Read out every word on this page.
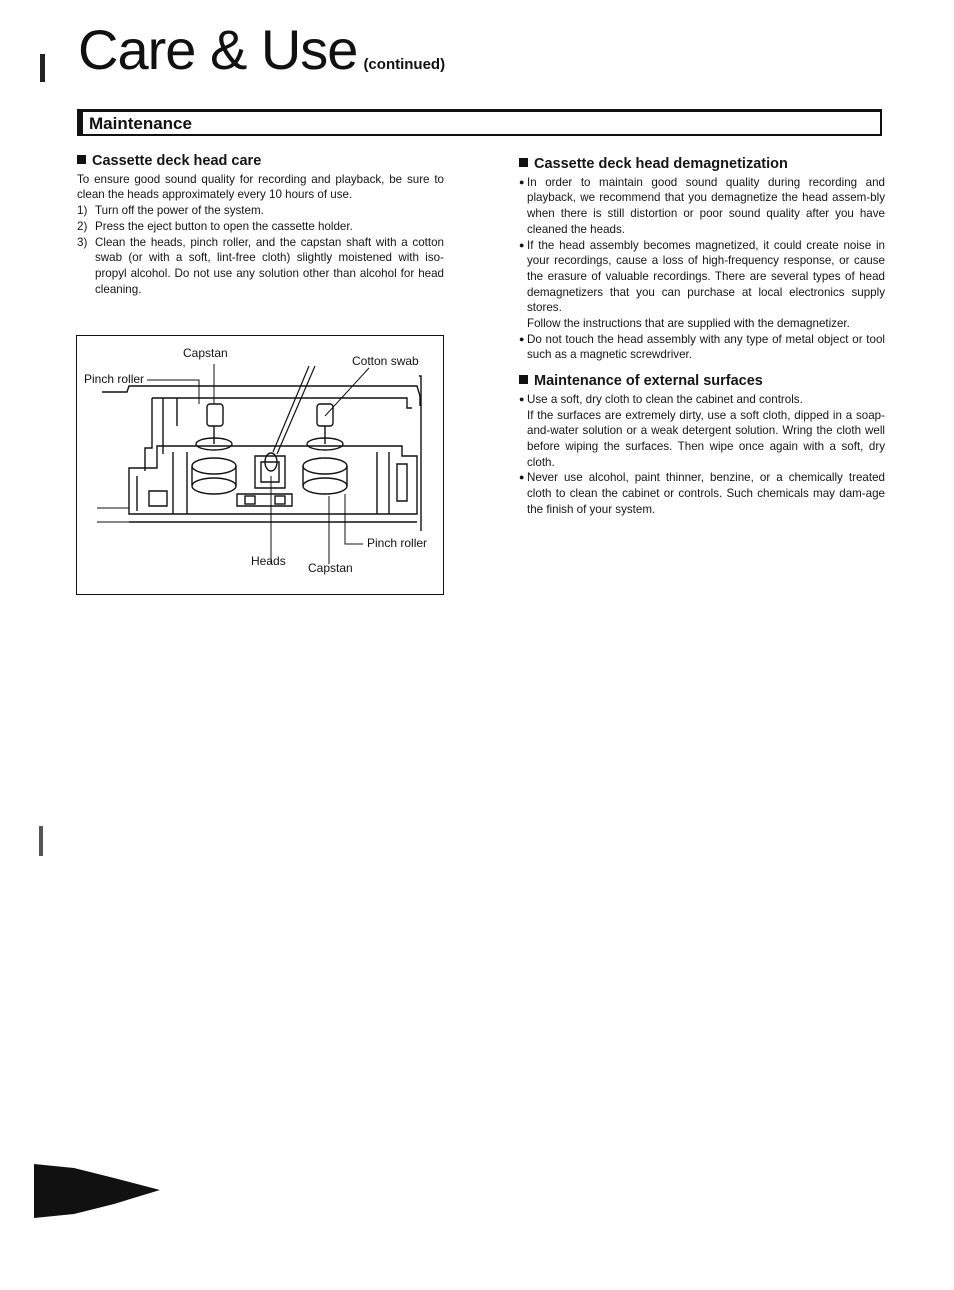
Care & Use (continued)
Maintenance
Cassette deck head care

To ensure good sound quality for recording and playback, be sure to clean the heads approximately every 10 hours of use.

1) Turn off the power of the system.
2) Press the eject button to open the cassette holder.
3) Clean the heads, pinch roller, and the capstan shaft with a cotton swab (or with a soft, lint-free cloth) slightly moistened with iso-propyl alcohol. Do not use any solution other than alcohol for head cleaning.
Capstan
Cotton swab
Pinch roller
Pinch roller
Heads Capstan
Cassette deck head demagnetization
● In order to maintain good sound quality during recording and playback, we recommend that you demagnetize the head assem-bly when there is still distortion or poor sound quality after you have cleaned the heads.
● If the head assembly becomes magnetized, it could create noise in your recordings, cause a loss of high-frequency response, or cause the erasure of valuable recordings. There are several types of head demagnetizers that you can purchase at local electronics supply stores.

Follow the instructions that are supplied with the demagnetizer.

● Do not touch the head assembly with any type of metal object or tool such as a magnetic screwdriver.
Maintenance of external surfaces
● Use a soft, dry cloth to clean the cabinet and controls.

If the surfaces are extremely dirty, use a soft cloth, dipped in a soap-and-water solution or a weak detergent solution. Wring the cloth well before wiping the surfaces. Then wipe once again with a soft, dry cloth.

● Never use alcohol, paint thinner, benzine, or a chemically treated cloth to clean the cabinet or controls. Such chemicals may dam-age the finish of your system.
